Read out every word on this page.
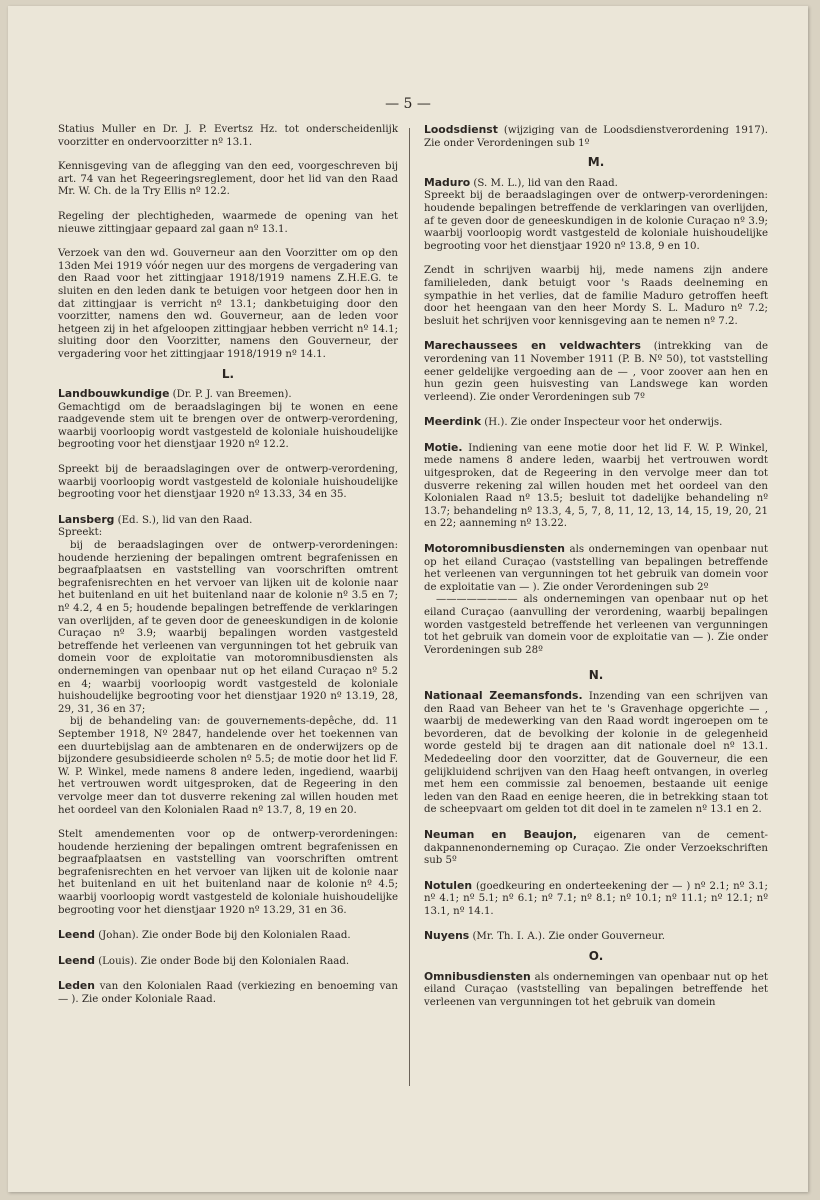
— 5 —

Statius Muller en Dr. J. P. Evertsz Hz. tot onderscheidenlijk voorzitter en ondervoorzitter nº 13.1.

Kennisgeving van de aflegging van den eed, voorgeschreven bij art. 74 van het Regeeringsreglement, door het lid van den Raad Mr. W. Ch. de la Try Ellis nº 12.2.

Regeling der plechtigheden, waarmede de opening van het nieuwe zittingjaar gepaard zal gaan nº 13.1.

Verzoek van den wd. Gouverneur aan den Voorzitter om op den 13den Mei 1919 vóór negen uur des morgens de vergadering van den Raad voor het zittingjaar 1918/1919 namens Z.H.E.G. te sluiten en den leden dank te betuigen voor hetgeen door hen in dat zittingjaar is verricht nº 13.1; dankbetuiging door den voorzitter, namens den wd. Gouverneur, aan de leden voor hetgeen zij in het afgeloopen zittingjaar hebben verricht nº 14.1; sluiting door den Voorzitter, namens den Gouverneur, der vergadering voor het zittingjaar 1918/1919 nº 14.1.

L.

Landbouwkundige (Dr. P. J. van Breemen).

Gemachtigd om de beraadslagingen bij te wonen en eene raadgevende stem uit te brengen over de ontwerp-verordening, waarbij voorloopig wordt vastgesteld de koloniale huishoudelijke begrooting voor het dienstjaar 1920 nº 12.2.

Spreekt bij de beraadslagingen over de ontwerp-verordening, waarbij voorloopig wordt vastgesteld de koloniale huishoudelijke begrooting voor het dienstjaar 1920 nº 13.33, 34 en 35.

Lansberg (Ed. S.), lid van den Raad.

Spreekt:

bij de beraadslagingen over de ontwerp-verordeningen: houdende herziening der bepalingen omtrent begrafenissen en begraafplaatsen en vaststelling van voorschriften omtrent begrafenisrechten en het vervoer van lijken uit de kolonie naar het buitenland en uit het buitenland naar de kolonie nº 3.5 en 7; nº 4.2, 4 en 5; houdende bepalingen betreffende de verklaringen van overlijden, af te geven door de geneeskundigen in de kolonie Curaçao nº 3.9; waarbij bepalingen worden vastgesteld betreffende het verleenen van vergunningen tot het gebruik van domein voor de exploitatie van motoromnibusdiensten als ondernemingen van openbaar nut op het eiland Curaçao nº 5.2 en 4; waarbij voorloopig wordt vastgesteld de koloniale huishoudelijke begrooting voor het dienstjaar 1920 nº 13.19, 28, 29, 31, 36 en 37;

bij de behandeling van: de gouvernements-depêche, dd. 11 September 1918, Nº 2847, handelende over het toekennen van een duurtebijslag aan de ambtenaren en de onderwijzers op de bijzondere gesubsidieerde scholen nº 5.5; de motie door het lid F. W. P. Winkel, mede namens 8 andere leden, ingediend, waarbij het vertrouwen wordt uitgesproken, dat de Regeering in den vervolge meer dan tot dusverre rekening zal willen houden met het oordeel van den Kolonialen Raad nº 13.7, 8, 19 en 20.

Stelt amendementen voor op de ontwerp-verordeningen: houdende herziening der bepalingen omtrent begrafenissen en begraafplaatsen en vaststelling van voorschriften omtrent begrafenisrechten en het vervoer van lijken uit de kolonie naar het buitenland en uit het buitenland naar de kolonie nº 4.5; waarbij voorloopig wordt vastgesteld de koloniale huishoudelijke begrooting voor het dienstjaar 1920 nº 13.29, 31 en 36.

Leend (Johan). Zie onder Bode bij den Kolonialen Raad.

Leend (Louis). Zie onder Bode bij den Kolonialen Raad.

Leden van den Kolonialen Raad (verkiezing en benoeming van — ). Zie onder Koloniale Raad.

Loodsdienst (wijziging van de Loodsdienstverordening 1917). Zie onder Verordeningen sub 1º

M.

Maduro (S. M. L.), lid van den Raad.

Spreekt bij de beraadslagingen over de ontwerp-verordeningen: houdende bepalingen betreffende de verklaringen van overlijden, af te geven door de geneeskundigen in de kolonie Curaçao nº 3.9; waarbij voorloopig wordt vastgesteld de koloniale huishoudelijke begrooting voor het dienstjaar 1920 nº 13.8, 9 en 10.

Zendt in schrijven waarbij hij, mede namens zijn andere familieleden, dank betuigt voor 's Raads deelneming en sympathie in het verlies, dat de familie Maduro getroffen heeft door het heengaan van den heer Mordy S. L. Maduro nº 7.2; besluit het schrijven voor kennisgeving aan te nemen nº 7.2.

Marechaussees en veldwachters (intrekking van de verordening van 11 November 1911 (P. B. Nº 50), tot vaststelling eener geldelijke vergoeding aan de — , voor zoover aan hen en hun gezin geen huisvesting van Landswege kan worden verleend). Zie onder Verordeningen sub 7º

Meerdink (H.). Zie onder Inspecteur voor het onderwijs.

Motie. Indiening van eene motie door het lid F. W. P. Winkel, mede namens 8 andere leden, waarbij het vertrouwen wordt uitgesproken, dat de Regeering in den vervolge meer dan tot dusverre rekening zal willen houden met het oordeel van den Kolonialen Raad nº 13.5; besluit tot dadelijke behandeling nº 13.7; behandeling nº 13.3, 4, 5, 7, 8, 11, 12, 13, 14, 15, 19, 20, 21 en 22; aanneming nº 13.22.

Motoromnibusdiensten als ondernemingen van openbaar nut op het eiland Curaçao (vaststelling van bepalingen betreffende het verleenen van vergunningen tot het gebruik van domein voor de exploitatie van — ). Zie onder Verordeningen sub 2º

———————— als ondernemingen van openbaar nut op het eiland Curaçao (aanvulling der verordening, waarbij bepalingen worden vastgesteld betreffende het verleenen van vergunningen tot het gebruik van domein voor de exploitatie van — ). Zie onder Verordeningen sub 28º

N.

Nationaal Zeemansfonds. Inzending van een schrijven van den Raad van Beheer van het te 's Gravenhage opgerichte — , waarbij de medewerking van den Raad wordt ingeroepen om te bevorderen, dat de bevolking der kolonie in de gelegenheid worde gesteld bij te dragen aan dit nationale doel nº 13.1. Mededeeling door den voorzitter, dat de Gouverneur, die een gelijkluidend schrijven van den Haag heeft ontvangen, in overleg met hem een commissie zal benoemen, bestaande uit eenige leden van den Raad en eenige heeren, die in betrekking staan tot de scheepvaart om gelden tot dit doel in te zamelen nº 13.1 en 2.

Neuman en Beaujon, eigenaren van de cement-dakpannenonderneming op Curaçao. Zie onder Verzoekschriften sub 5º

Notulen (goedkeuring en onderteekening der — ) nº 2.1; nº 3.1; nº 4.1; nº 5.1; nº 6.1; nº 7.1; nº 8.1; nº 10.1; nº 11.1; nº 12.1; nº 13.1, nº 14.1.

Nuyens (Mr. Th. I. A.). Zie onder Gouverneur.

O.

Omnibusdiensten als ondernemingen van openbaar nut op het eiland Curaçao (vaststelling van bepalingen betreffende het verleenen van vergunningen tot het gebruik van domein
